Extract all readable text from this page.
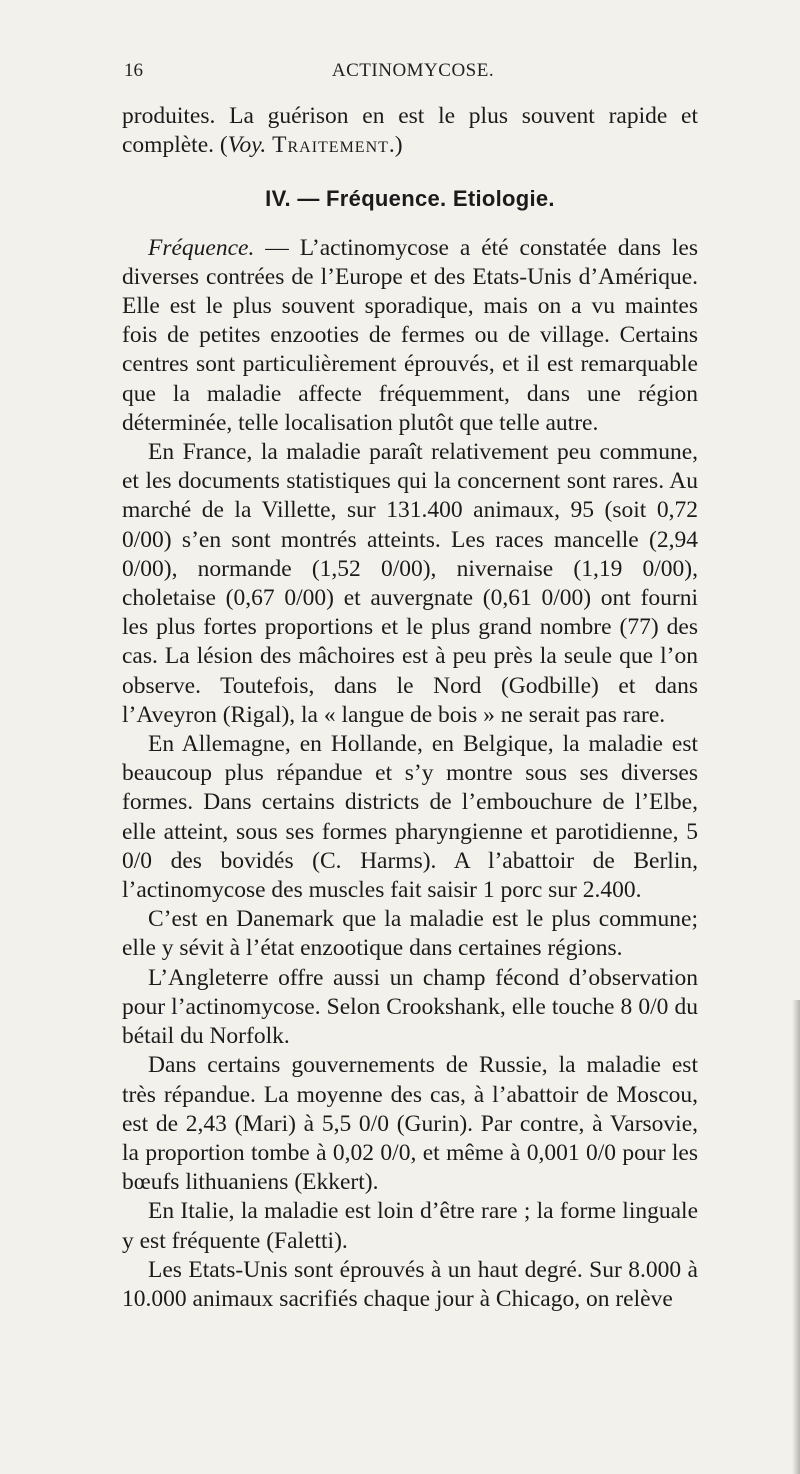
16	ACTINOMYCOSE.

produites. La guérison en est le plus souvent rapide et complète. (Voy. Traitement.)

IV. — Fréquence. Etiologie.

Fréquence. — L’actinomycose a été constatée dans les diverses contrées de l’Europe et des Etats-Unis d’Amérique. Elle est le plus souvent sporadique, mais on a vu maintes fois de petites enzooties de fermes ou de village. Certains centres sont particulièrement éprouvés, et il est remarquable que la maladie affecte fréquemment, dans une région déterminée, telle localisation plutôt que telle autre.

En France, la maladie paraît relativement peu commune, et les documents statistiques qui la concernent sont rares. Au marché de la Villette, sur 131.400 animaux, 95 (soit 0,72 0/00) s’en sont montrés atteints. Les races mancelle (2,94 0/00), normande (1,52 0/00), nivernaise (1,19 0/00), choletaise (0,67 0/00) et auvergnate (0,61 0/00) ont fourni les plus fortes proportions et le plus grand nombre (77) des cas. La lésion des mâchoires est à peu près la seule que l’on observe. Toutefois, dans le Nord (Godbille) et dans l’Aveyron (Rigal), la « langue de bois » ne serait pas rare.

En Allemagne, en Hollande, en Belgique, la maladie est beaucoup plus répandue et s’y montre sous ses diverses formes. Dans certains districts de l’embouchure de l’Elbe, elle atteint, sous ses formes pharyngienne et parotidienne, 5 0/0 des bovidés (C. Harms). A l’abattoir de Berlin, l’actinomycose des muscles fait saisir 1 porc sur 2.400.

C’est en Danemark que la maladie est le plus commune; elle y sévit à l’état enzootique dans certaines régions.

L’Angleterre offre aussi un champ fécond d’observation pour l’actinomycose. Selon Crookshank, elle touche 8 0/0 du bétail du Norfolk.

Dans certains gouvernements de Russie, la maladie est très répandue. La moyenne des cas, à l’abattoir de Moscou, est de 2,43 (Mari) à 5,5 0/0 (Gurin). Par contre, à Varsovie, la proportion tombe à 0,02 0/0, et même à 0,001 0/0 pour les bœufs lithuaniens (Ekkert).

En Italie, la maladie est loin d’être rare ; la forme linguale y est fréquente (Faletti).

Les Etats-Unis sont éprouvés à un haut degré. Sur 8.000 à 10.000 animaux sacrifiés chaque jour à Chicago, on relève
